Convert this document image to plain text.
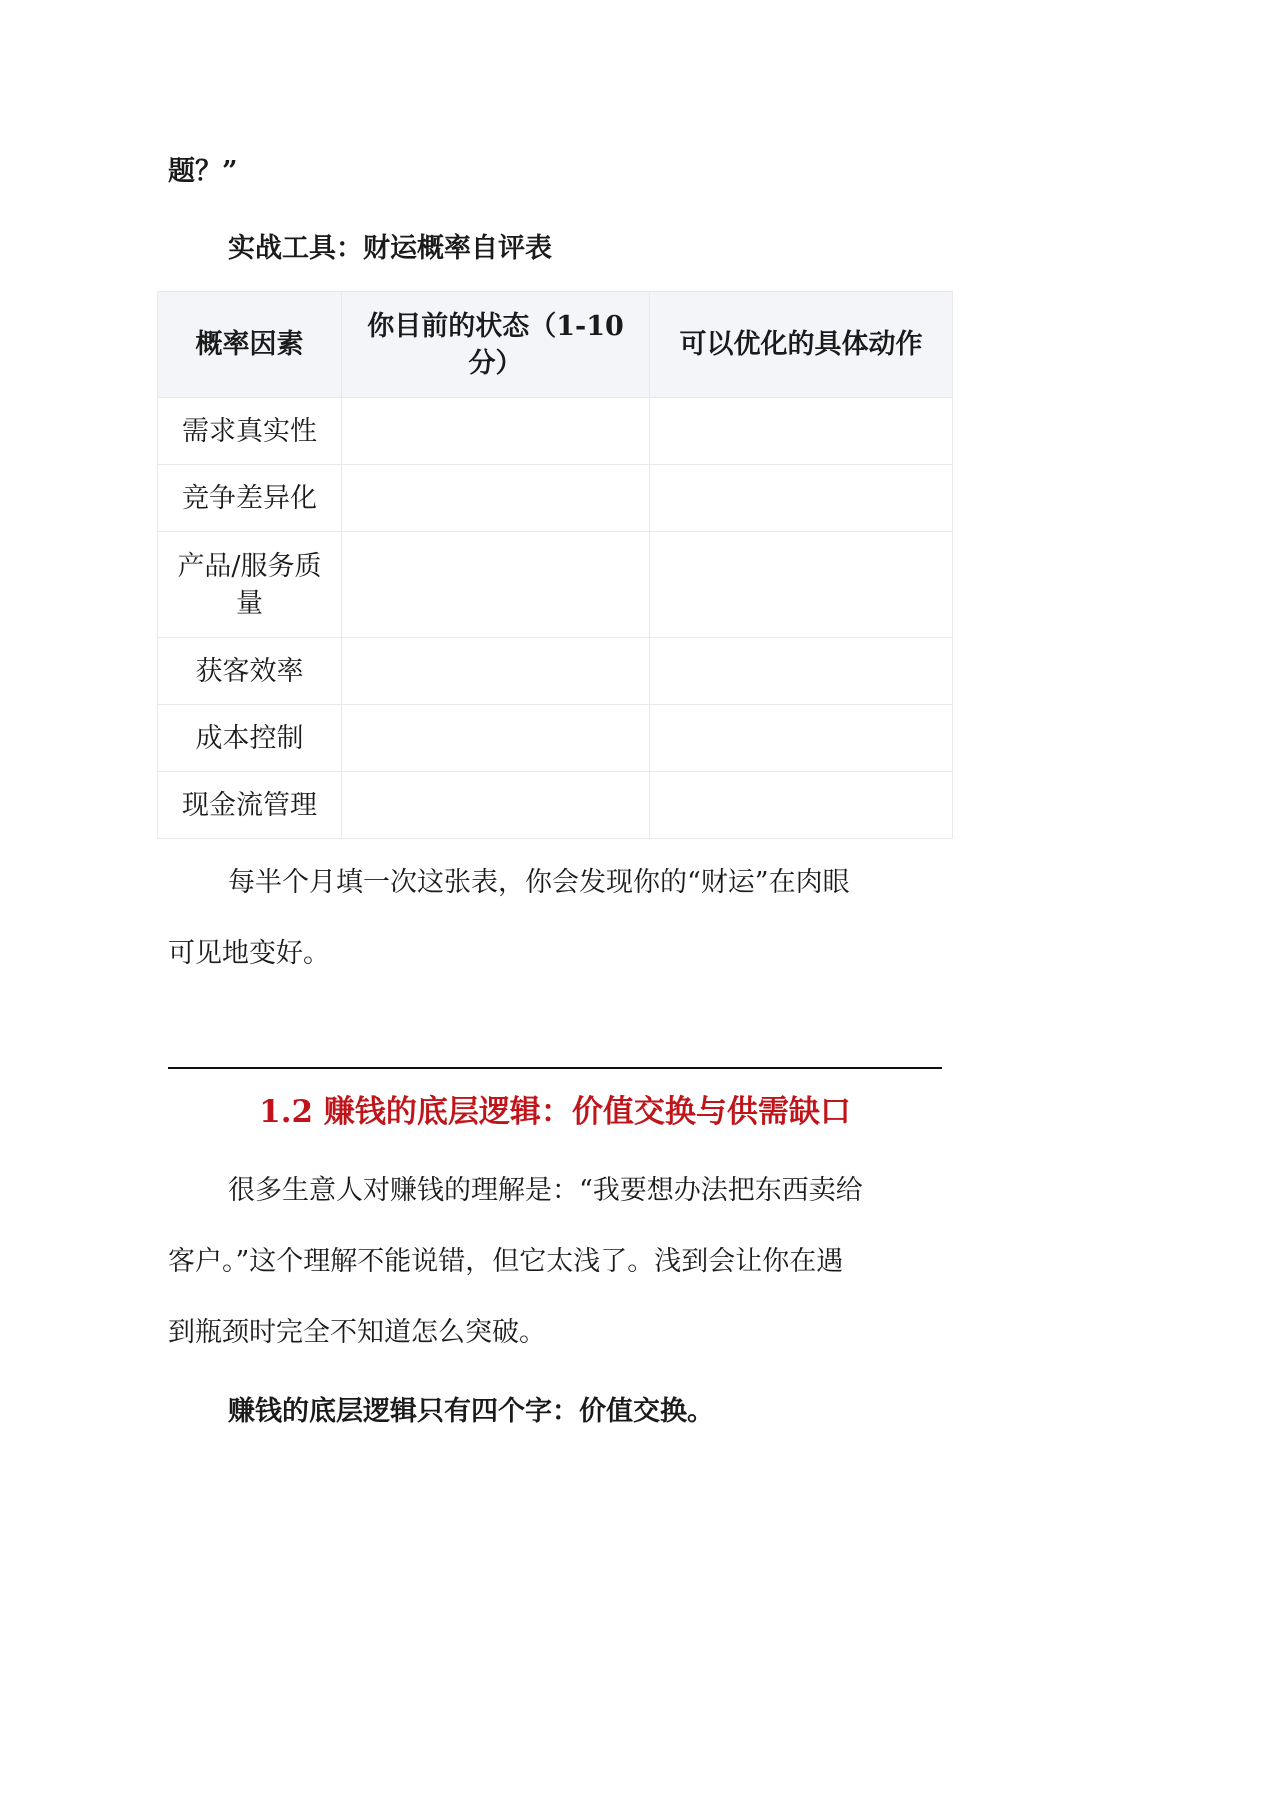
题？”
实战工具：财运概率自评表
概率因素	你目前的状态（1-10分）	可以优化的具体动作
需求真实性		
竞争差异化		
产品/服务质量		
获客效率		
成本控制		
现金流管理		
每半个月填一次这张表，你会发现你的“财运”在肉眼
可见地变好。
1.2 赚钱的底层逻辑：价值交换与供需缺口
很多生意人对赚钱的理解是：“我要想办法把东西卖给
客户。”这个理解不能说错，但它太浅了。浅到会让你在遇
到瓶颈时完全不知道怎么突破。
赚钱的底层逻辑只有四个字：价值交换。
